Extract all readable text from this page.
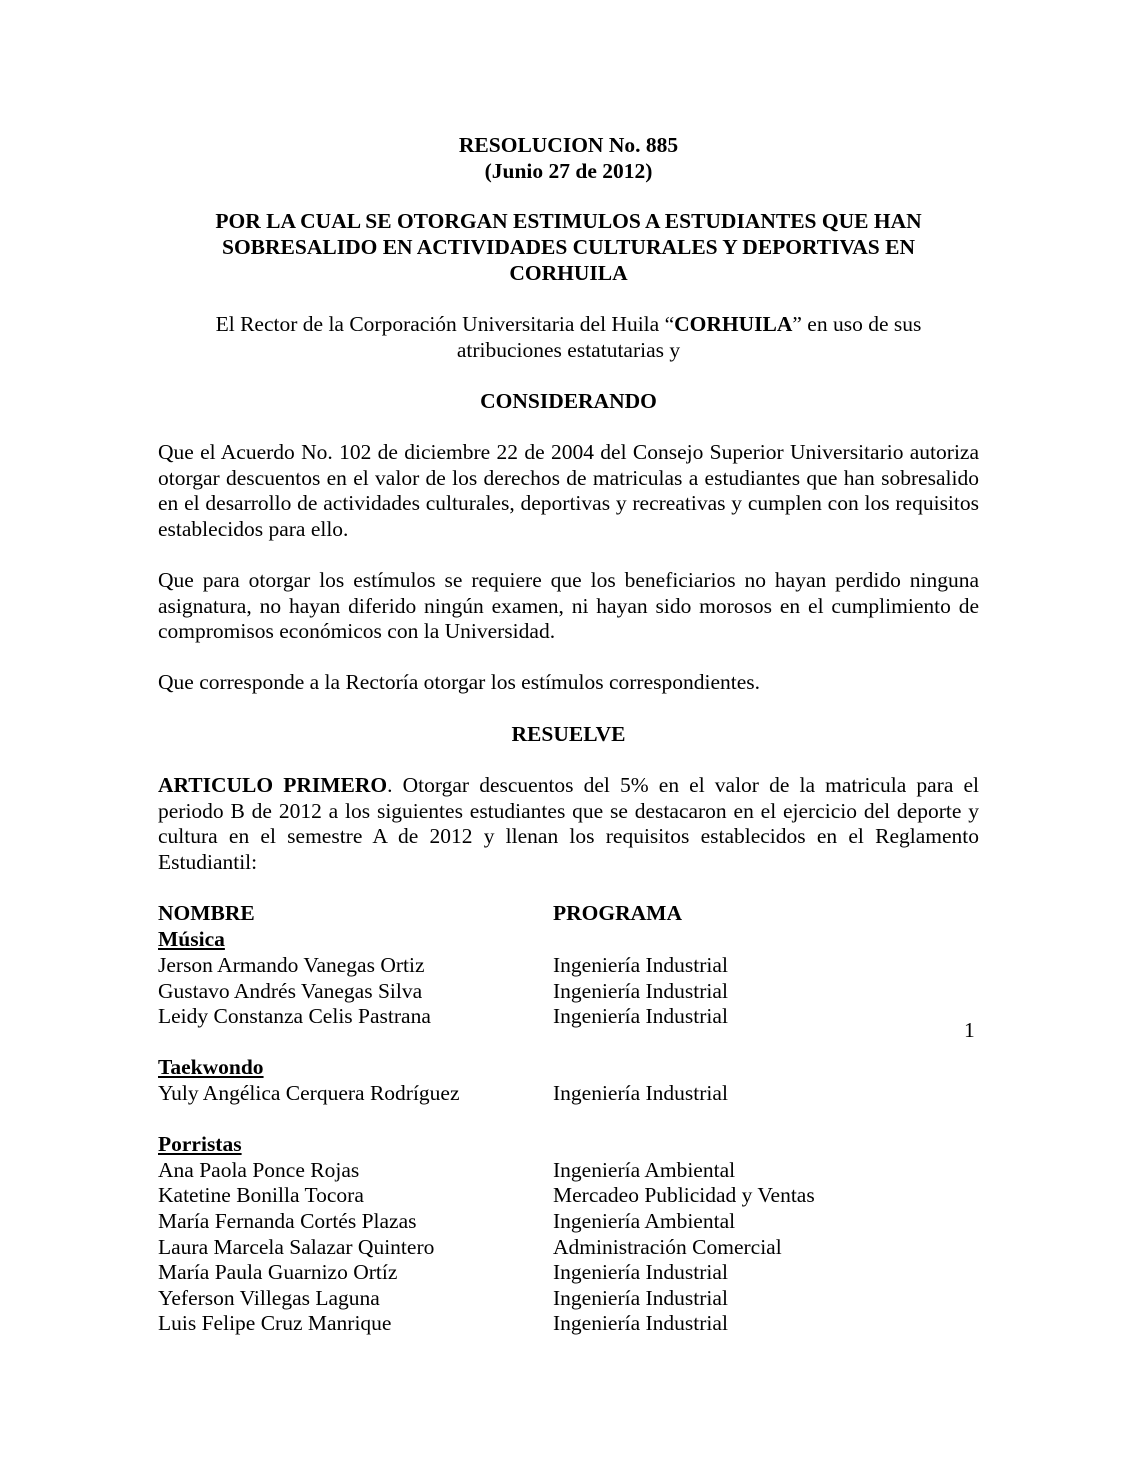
RESOLUCION No. 885
(Junio 27 de 2012)
POR LA CUAL SE OTORGAN ESTIMULOS A ESTUDIANTES QUE HAN
SOBRESALIDO EN ACTIVIDADES CULTURALES Y DEPORTIVAS EN
CORHUILA
El Rector de la Corporación Universitaria del Huila “CORHUILA” en uso de sus
atribuciones estatutarias y
CONSIDERANDO

Que el Acuerdo No. 102 de diciembre 22 de 2004 del Consejo Superior Universitario autoriza otorgar descuentos en el valor de los derechos de matriculas a estudiantes que han sobresalido en el desarrollo de actividades culturales, deportivas y recreativas y cumplen con los requisitos establecidos para ello.

Que para otorgar los estímulos se requiere que los beneficiarios no hayan perdido ninguna asignatura, no hayan diferido ningún examen, ni hayan sido morosos en el cumplimiento de compromisos económicos con la Universidad.

Que corresponde a la Rectoría otorgar los estímulos correspondientes.

RESUELVE

ARTICULO PRIMERO. Otorgar descuentos del 5% en el valor de la matricula para el periodo B de 2012 a los siguientes estudiantes que se destacaron en el ejercicio del deporte y cultura en el semestre A de 2012 y llenan los requisitos establecidos en el Reglamento Estudiantil:

NOMBRE	PROGRAMA
Música
Jerson Armando Vanegas Ortiz	Ingeniería Industrial
Gustavo Andrés Vanegas Silva	Ingeniería Industrial
Leidy Constanza Celis Pastrana	Ingeniería Industrial
Taekwondo
Yuly Angélica Cerquera Rodríguez	Ingeniería Industrial
Porristas
Ana Paola Ponce Rojas	Ingeniería Ambiental
Katetine Bonilla Tocora	Mercadeo Publicidad y Ventas
María Fernanda Cortés Plazas	Ingeniería Ambiental
Laura Marcela Salazar Quintero	Administración Comercial
María Paula Guarnizo Ortíz	Ingeniería Industrial
Yeferson Villegas Laguna	Ingeniería Industrial
Luis Felipe Cruz Manrique	Ingeniería Industrial
1
